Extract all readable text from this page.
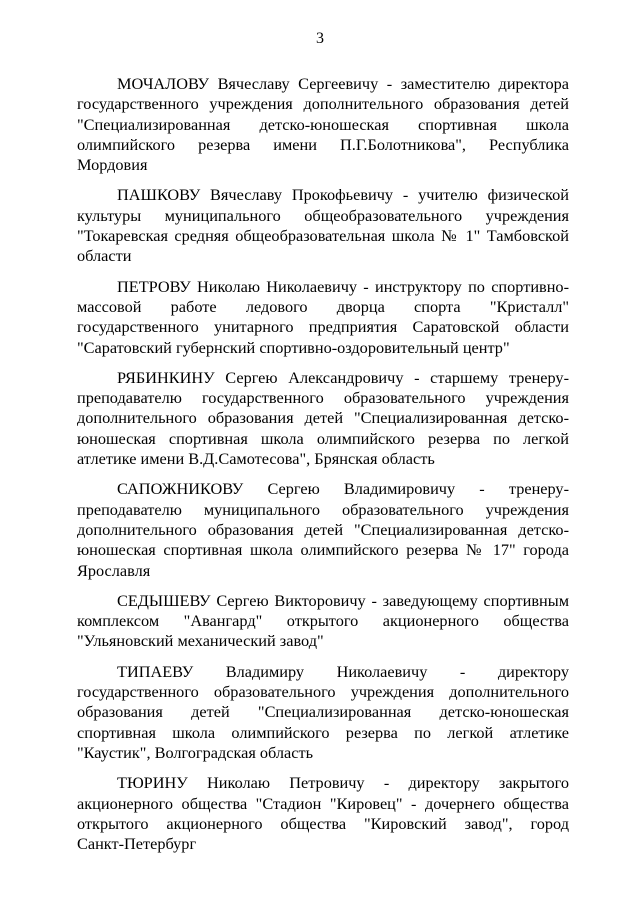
3
МОЧАЛОВУ Вячеславу Сергеевичу - заместителю директора
государственного учреждения дополнительного образования детей
"Специализированная детско-юношеская спортивная школа
олимпийского резерва имени П.Г.Болотникова", Республика
Мордовия
ПАШКОВУ Вячеславу Прокофьевичу - учителю физической
культуры муниципального общеобразовательного учреждения
"Токаревская средняя общеобразовательная школа № 1" Тамбовской
области
ПЕТРОВУ Николаю Николаевичу - инструктору по спортивно-
массовой работе ледового дворца спорта "Кристалл"
государственного унитарного предприятия Саратовской области
"Саратовский губернский спортивно-оздоровительный центр"
РЯБИНКИНУ Сергею Александровичу - старшему тренеру-
преподавателю государственного образовательного учреждения
дополнительного образования детей "Специализированная детско-
юношеская спортивная школа олимпийского резерва по легкой
атлетике имени В.Д.Самотесова", Брянская область
САПОЖНИКОВУ Сергею Владимировичу - тренеру-
преподавателю муниципального образовательного учреждения
дополнительного образования детей "Специализированная детско-
юношеская спортивная школа олимпийского резерва № 17" города
Ярославля
СЕДЫШЕВУ Сергею Викторовичу - заведующему спортивным
комплексом "Авангард" открытого акционерного общества
"Ульяновский механический завод"
ТИПАЕВУ Владимиру Николаевичу - директору
государственного образовательного учреждения дополнительного
образования детей "Специализированная детско-юношеская
спортивная школа олимпийского резерва по легкой атлетике
"Каустик", Волгоградская область
ТЮРИНУ Николаю Петровичу - директору закрытого
акционерного общества "Стадион "Кировец" - дочернего общества
открытого акционерного общества "Кировский завод", город
Санкт-Петербург
